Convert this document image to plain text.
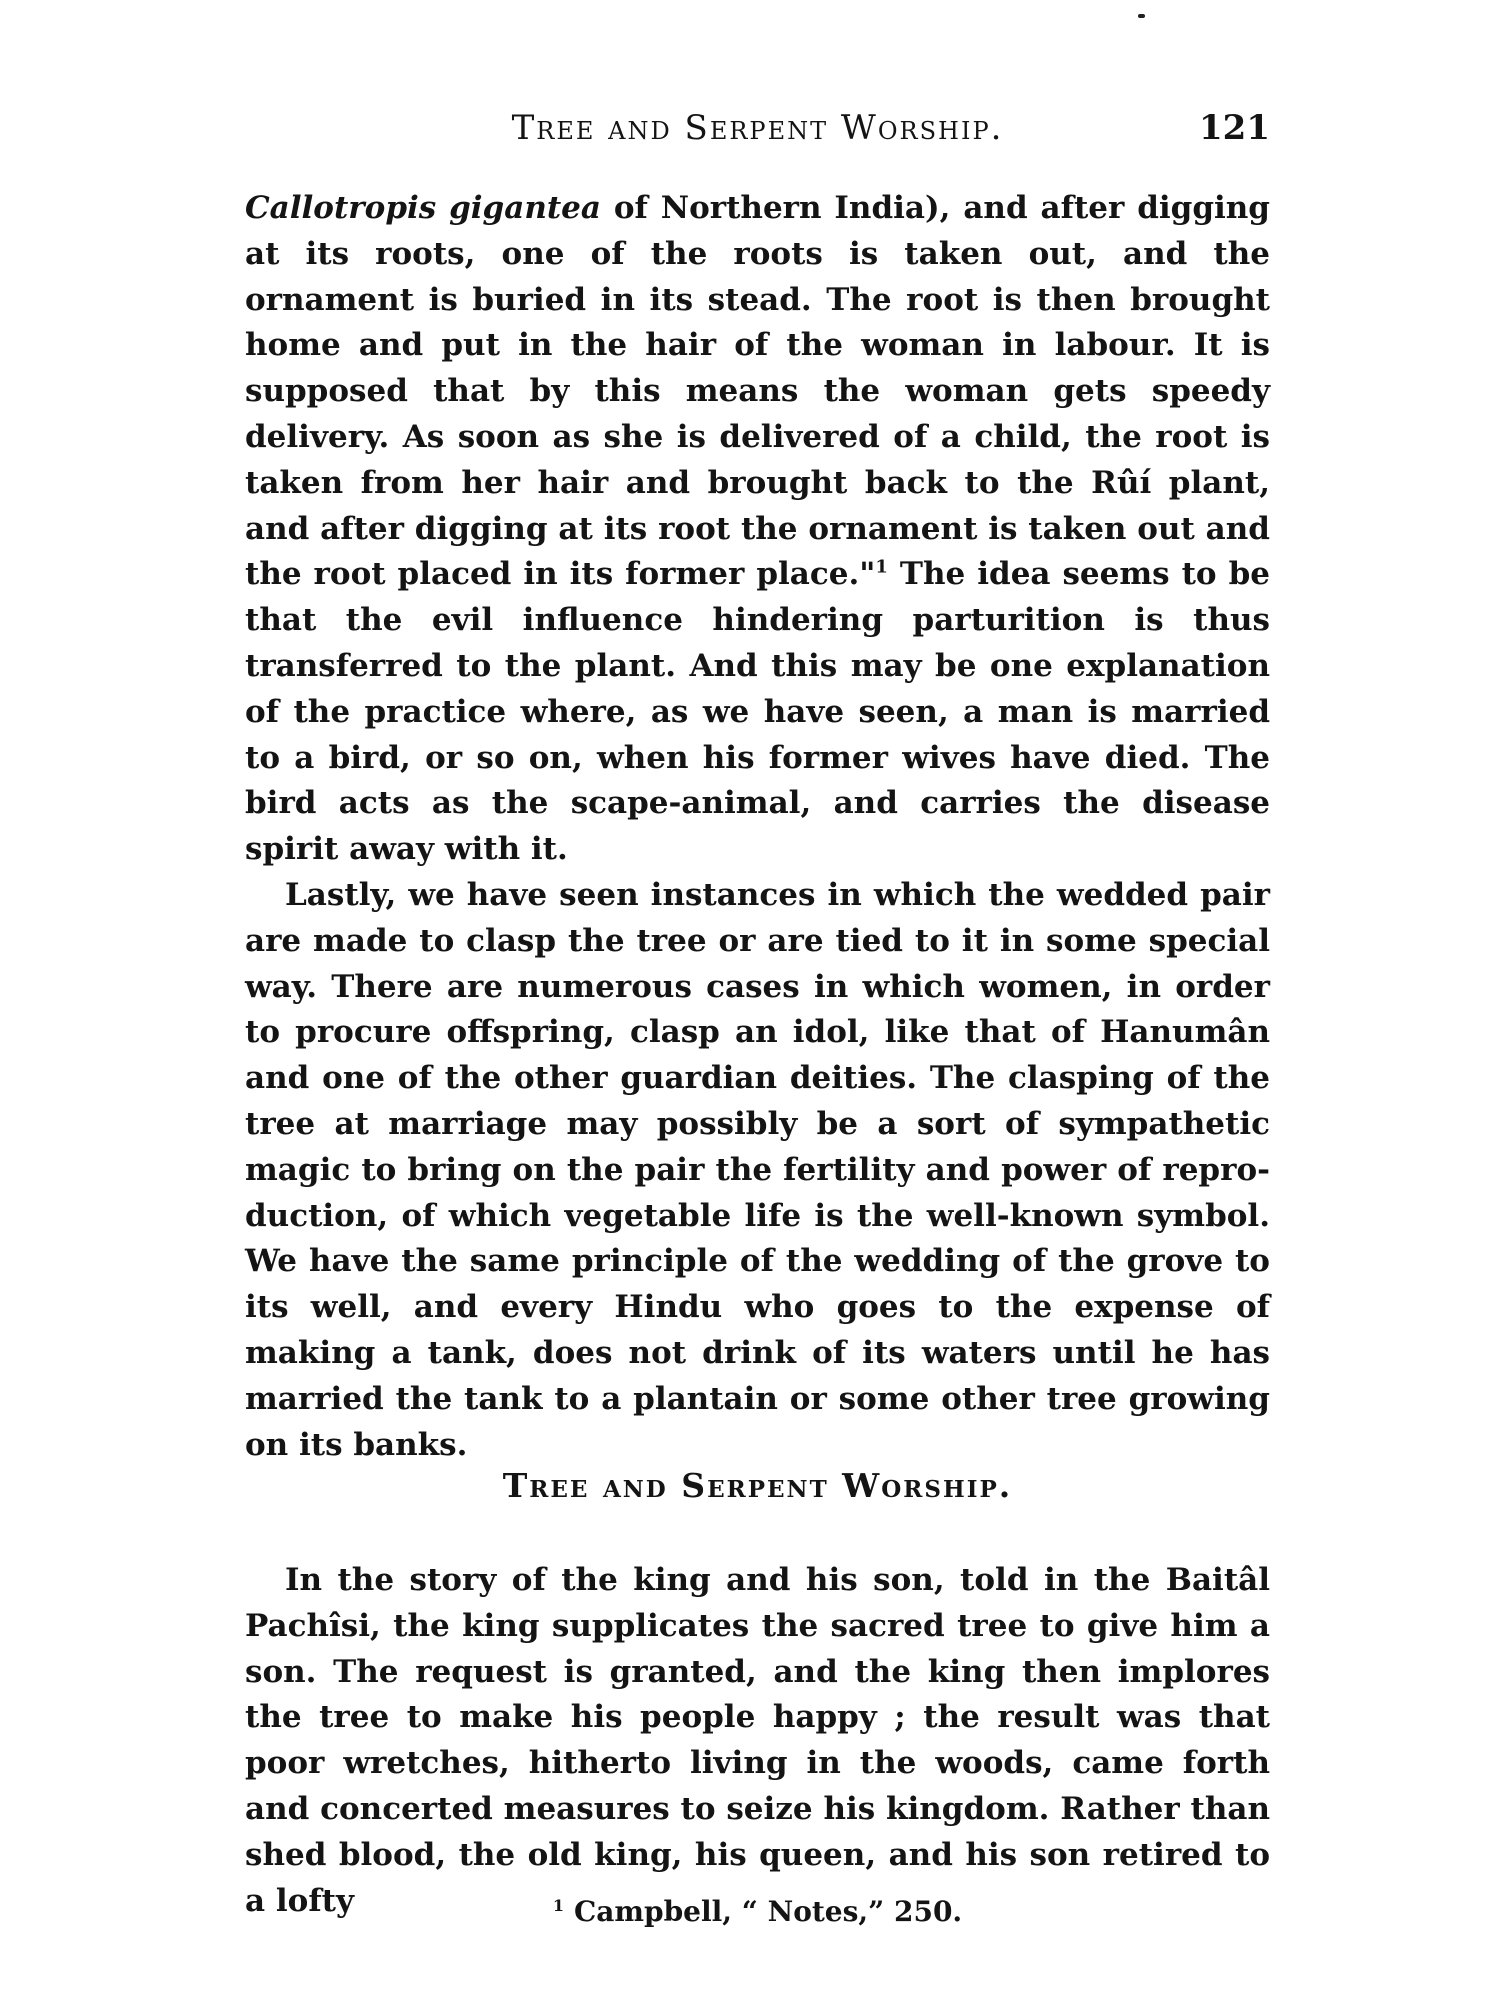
Tree and Serpent Worship.	121

Callotropis gigantea of Northern India), and after digging at its roots, one of the roots is taken out, and the ornament is buried in its stead. The root is then brought home and put in the hair of the woman in labour. It is supposed that by this means the woman gets speedy delivery. As soon as she is delivered of a child, the root is taken from her hair and brought back to the Rûí plant, and after digging at its root the ornament is taken out and the root placed in its former place."$^1$ The idea seems to be that the evil influence hindering parturition is thus transferred to the plant. And this may be one explanation of the practice where, as we have seen, a man is married to a bird, or so on, when his former wives have died. The bird acts as the scape-animal, and carries the disease spirit away with it.

Lastly, we have seen instances in which the wedded pair are made to clasp the tree or are tied to it in some special way. There are numerous cases in which women, in order to procure offspring, clasp an idol, like that of Hanumân and one of the other guardian deities. The clasping of the tree at marriage may possibly be a sort of sympathetic magic to bring on the pair the fertility and power of reproduction, of which vegetable life is the well-known symbol. We have the same principle of the wedding of the grove to its well, and every Hindu who goes to the expense of making a tank, does not drink of its waters until he has married the tank to a plantain or some other tree growing on its banks.

Tree and Serpent Worship.

In the story of the king and his son, told in the Baitâl Pachîsi, the king supplicates the sacred tree to give him a son. The request is granted, and the king then implores the tree to make his people happy ; the result was that poor wretches, hitherto living in the woods, came forth and concerted measures to seize his kingdom. Rather than shed blood, the old king, his queen, and his son retired to a lofty	$^1$ Campbell, “ Notes,” 250.
